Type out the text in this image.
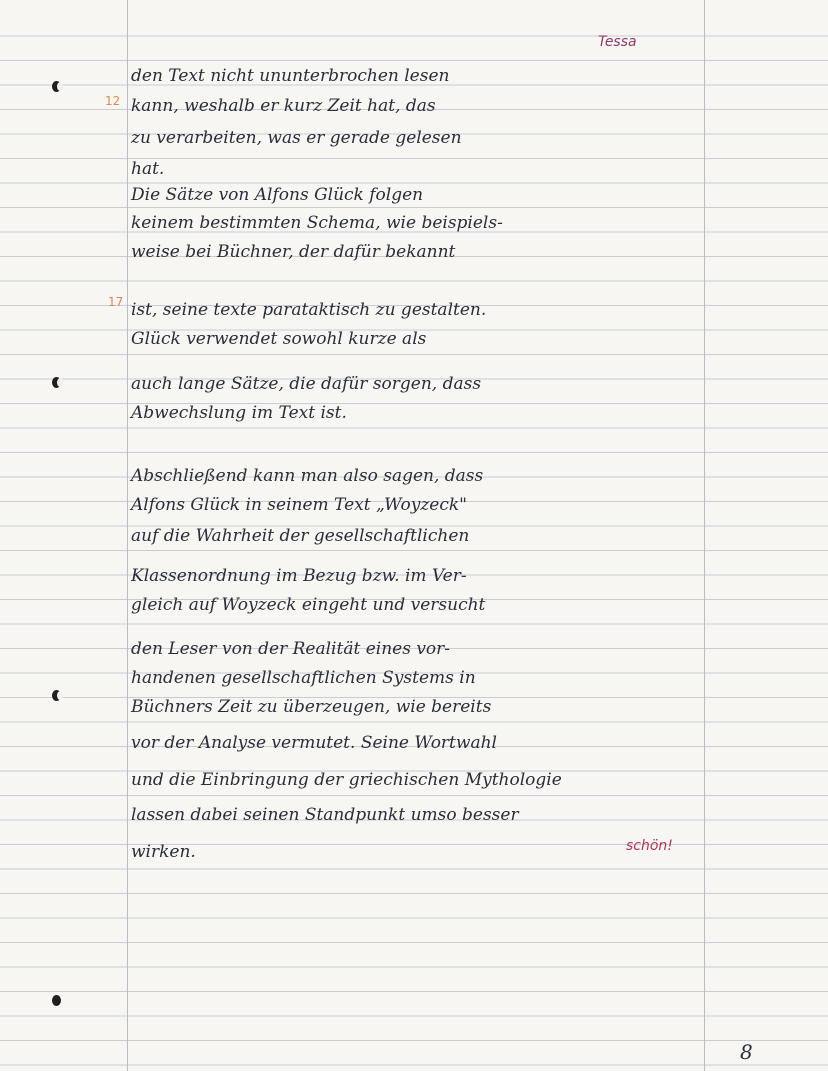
Tessa
12
17

den Text nicht ununterbrochen lesen

kann, weshalb er kurz Zeit hat, das

zu verarbeiten, was er gerade gelesen

hat.

Die Sätze von Alfons Glück folgen

keinem bestimmten Schema, wie beispiels-

weise bei Büchner, der dafür bekannt

ist, seine texte parataktisch zu gestalten.

Glück verwendet sowohl kurze als

auch lange Sätze, die dafür sorgen, dass

Abwechslung im Text ist.

Abschließend kann man also sagen, dass

Alfons Glück in seinem Text „Woyzeck"

auf die Wahrheit der gesellschaftlichen

Klassenordnung im Bezug bzw. im Ver-

gleich auf Woyzeck eingeht und versucht

den Leser von der Realität eines vor-

handenen gesellschaftlichen Systems in

Büchners Zeit zu überzeugen, wie bereits

vor der Analyse vermutet. Seine Wortwahl

und die Einbringung der griechischen Mythologie

lassen dabei seinen Standpunkt umso besser

wirken.	schön!
8
